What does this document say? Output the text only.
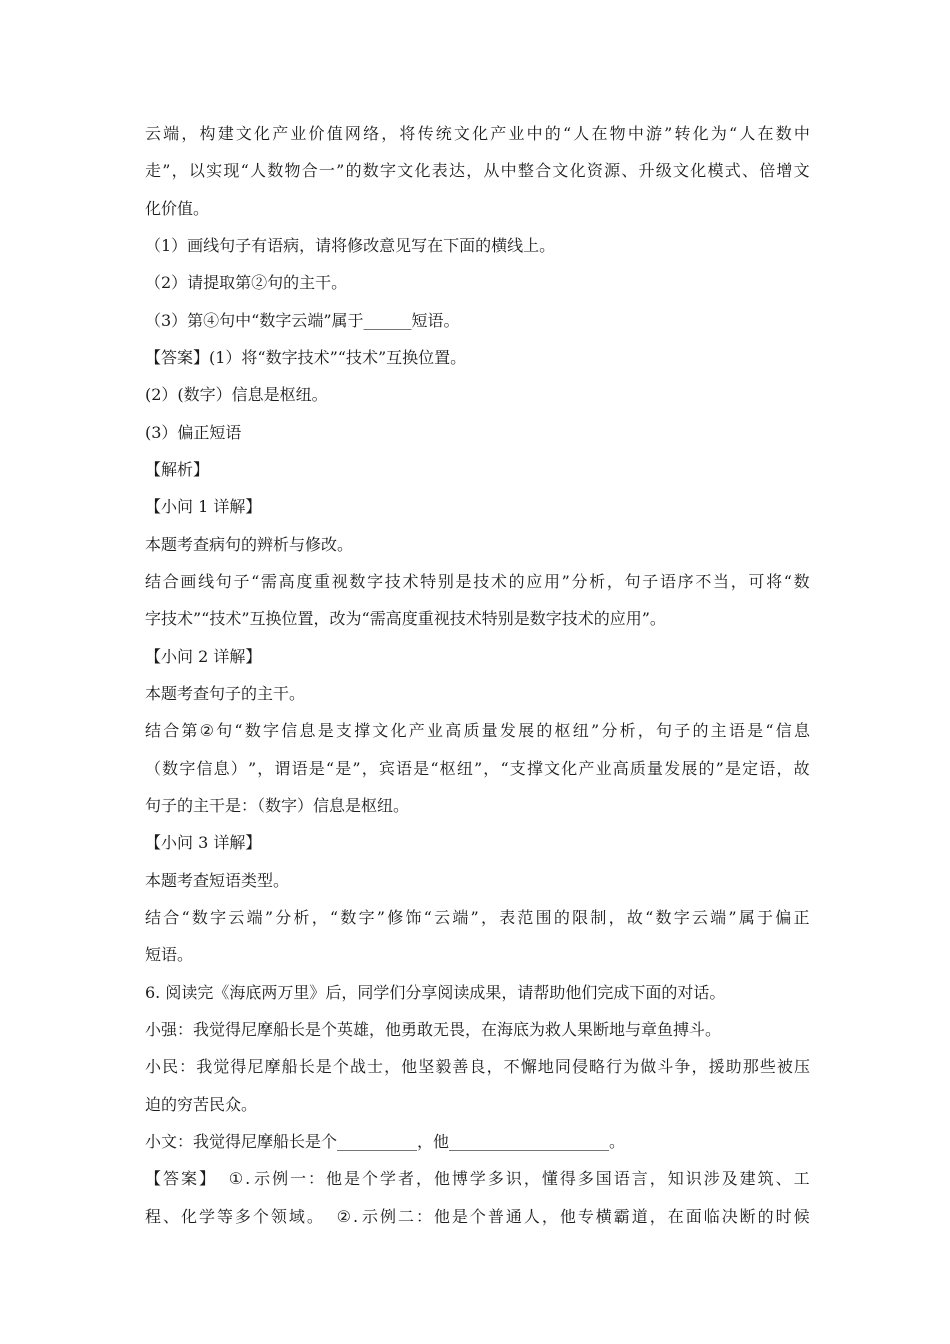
云 端 ， 构 建 文 化 产 业 价 值 网 络 ， 将 传 统 文 化 产 业 中 的 “ 人 在 物 中 游 ” 转 化 为 “ 人 在 数 中
走 ” ， 以 实 现 “ 人 数 物 合 一 ” 的 数 字 文 化 表 达 ， 从 中 整 合 文 化 资 源 、 升 级 文 化 模 式 、 倍 增 文
化价值。
（1）画线句子有语病，请将修改意见写在下面的横线上。
（2）请提取第②句的主干。
（3）第④句中“数字云端”属于______短语。
【答案】(1）将“数字技术”“技术”互换位置。
(2）(数字）信息是枢纽。
(3）偏正短语
【解析】
【小问 1 详解】
本题考查病句的辨析与修改。
结 合 画 线 句 子 “ 需 高 度 重 视 数 字 技 术 特 别 是 技 术 的 应 用 ” 分 析 ， 句 子 语 序 不 当 ， 可 将 “ 数
字技术”“技术”互换位置，改为“需高度重视技术特别是数字技术的应用”。
【小问 2 详解】
本题考查句子的主干。
结 合 第 ② 句 “ 数 字 信 息 是 支 撑 文 化 产 业 高 质 量 发 展 的 枢 纽 ” 分 析 ， 句 子 的 主 语 是 “ 信 息
（ 数 字 信 息 ） ” ， 谓 语 是 “ 是 ” ， 宾 语 是 “ 枢 纽 ” ， “ 支 撑 文 化 产 业 高 质 量 发 展 的 ” 是 定 语 ， 故
句子的主干是：（数字）信息是枢纽。
【小问 3 详解】
本题考查短语类型。
结 合 “ 数 字 云 端 ” 分 析 ， “ 数 字 ” 修 饰 “ 云 端 ” ， 表 范 围 的 限 制 ， 故 “ 数 字 云 端 ” 属 于 偏 正
短语。
6. 阅读完《海底两万里》后，同学们分享阅读成果，请帮助他们完成下面的对话。
小强：我觉得尼摩船长是个英雄，他勇敢无畏，在海底为救人果断地与章鱼搏斗。
小 民 ： 我 觉 得 尼 摩 船 长 是 个 战 士 ， 他 坚 毅 善 良 ， 不 懈 地 同 侵 略 行 为 做 斗 争 ， 援 助 那 些 被 压
迫的穷苦民众。
小文：我觉得尼摩船长是个__________，他____________________。
【 答 案 】 ① . 示 例 一 ： 他 是 个 学 者 ， 他 博 学 多 识 ， 懂 得 多 国 语 言 ， 知 识 涉 及 建 筑 、 工
程 、 化 学 等 多 个 领 域 。 ② . 示 例 二 ： 他 是 个 普 通 人 ， 他 专 横 霸 道 ， 在 面 临 决 断 的 时 候
